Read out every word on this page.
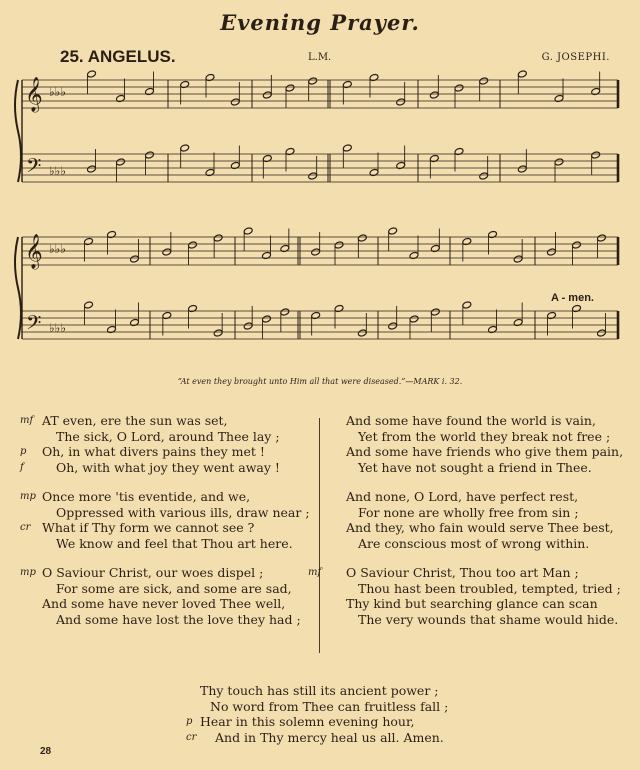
Evening Prayer.
25. ANGELUS.	L.M.	G. JOSEPHI.
𝄞
𝄢
♭♭♭
♭♭♭
𝄞
𝄢
♭♭♭
♭♭♭
A - men.
“At even they brought unto Him all that were diseased.”—MARK i. 32.
mf AT even, ere the sun was set,
The sick, O Lord, around Thee lay ;
p Oh, in what divers pains they met !
f	Oh, with what joy they went away !
mp Once more 'tis eventide, and we,
Oppressed with various ills, draw near ;
cr What if Thy form we cannot see ?
We know and feel that Thou art here.
mp O Saviour Christ, our woes dispel ;
For some are sick, and some are sad,
And some have never loved Thee well,
And some have lost the love they had ;
And some have found the world is vain,
Yet from the world they break not free ;
And some have friends who give them pain,
Yet have not sought a friend in Thee.
And none, O Lord, have perfect rest,
For none are wholly free from sin ;
And they, who fain would serve Thee best,
Are conscious most of wrong within.
mf O Saviour Christ, Thou too art Man ;
Thou hast been troubled, tempted, tried ;
Thy kind but searching glance can scan
The very wounds that shame would hide.
Thy touch has still its ancient power ;
No word from Thee can fruitless fall ;
p Hear in this solemn evening hour,
cr And in Thy mercy heal us all. Amen.
28
